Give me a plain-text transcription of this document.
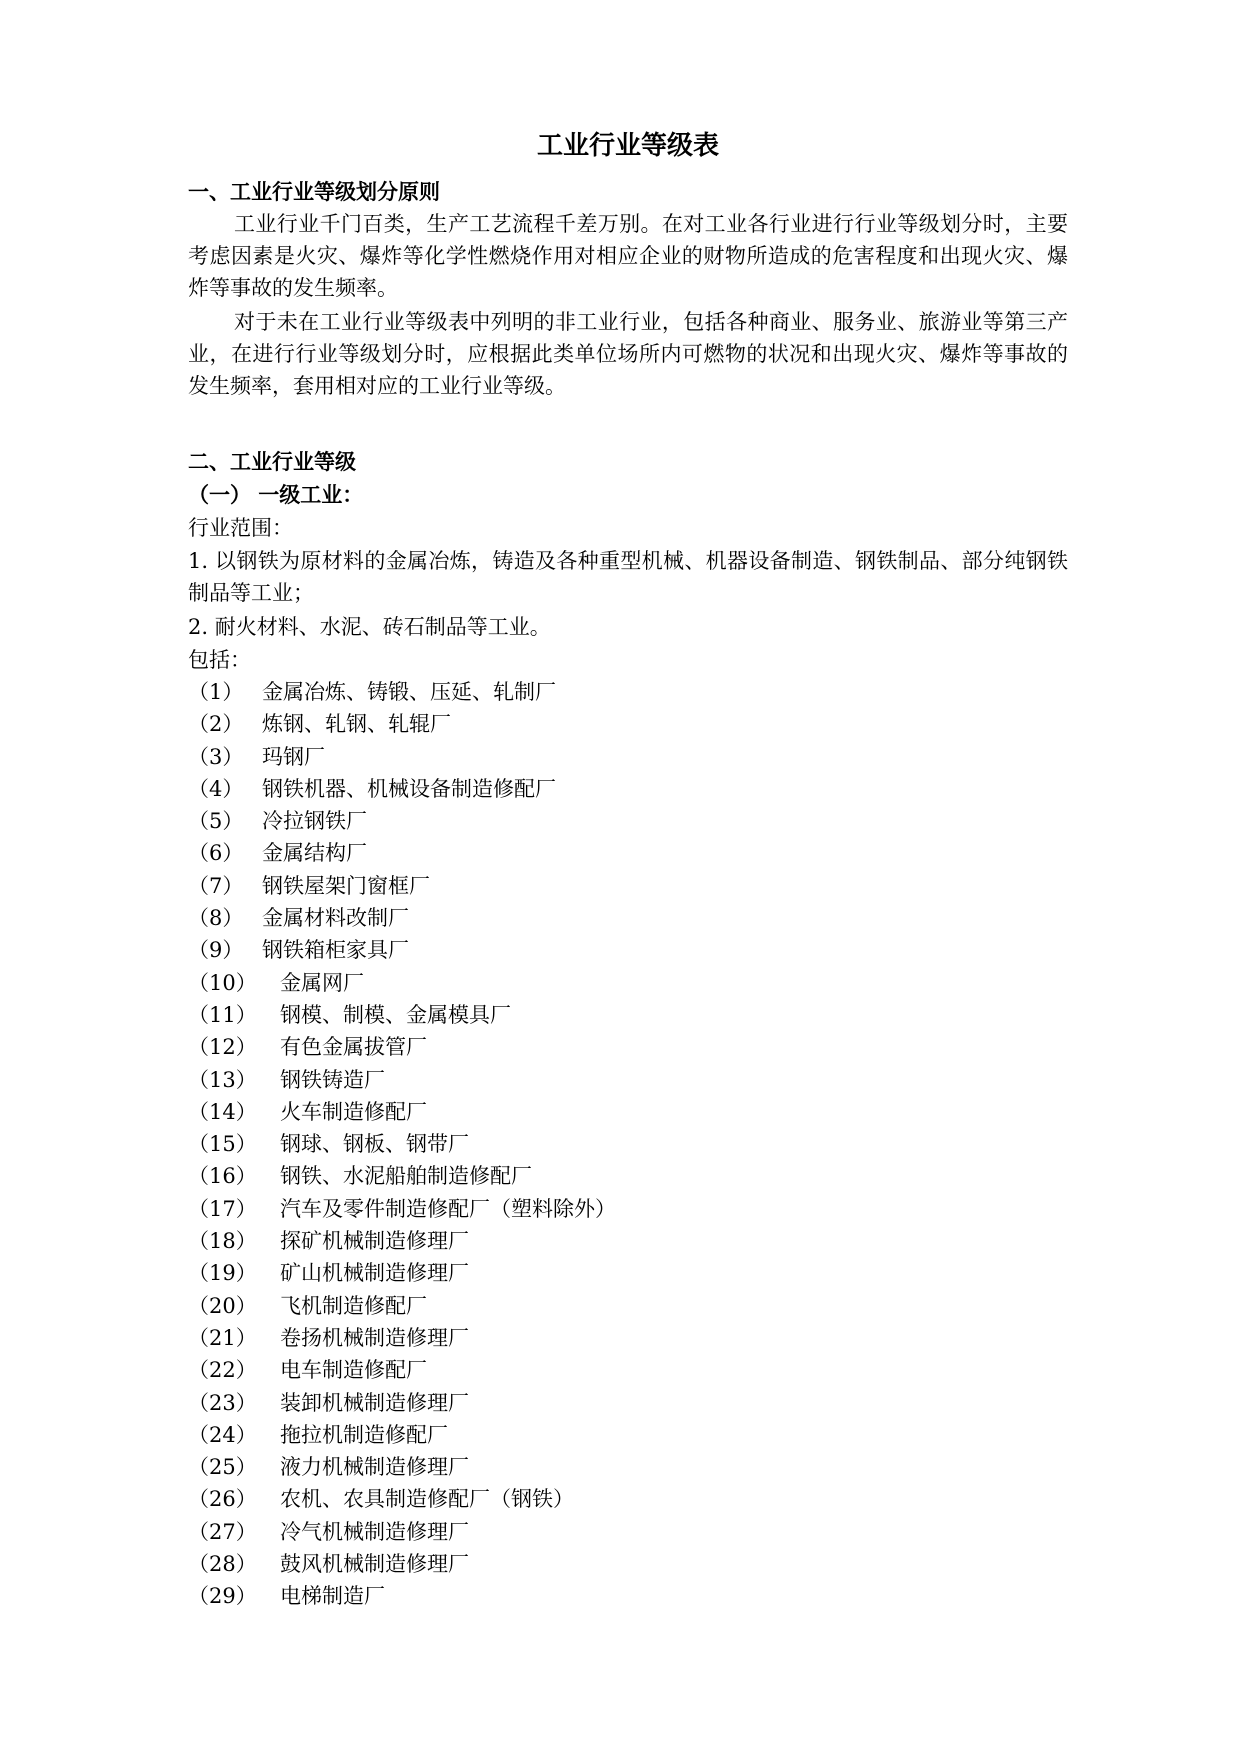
工业行业等级表
一、工业行业等级划分原则
工业行业千门百类，生产工艺流程千差万别。在对工业各行业进行行业等级划分时，主要考虑因素是火灾、爆炸等化学性燃烧作用对相应企业的财物所造成的危害程度和出现火灾、爆炸等事故的发生频率。
对于未在工业行业等级表中列明的非工业行业，包括各种商业、服务业、旅游业等第三产业，在进行行业等级划分时，应根据此类单位场所内可燃物的状况和出现火灾、爆炸等事故的发生频率，套用相对应的工业行业等级。
二、工业行业等级
（一） 一级工业：
行业范围：
1. 以钢铁为原材料的金属冶炼，铸造及各种重型机械、机器设备制造、钢铁制品、部分纯钢铁制品等工业；
2. 耐火材料、水泥、砖石制品等工业。
包括：
（1） 金属冶炼、铸锻、压延、轧制厂
（2） 炼钢、轧钢、轧辊厂
（3） 玛钢厂
（4） 钢铁机器、机械设备制造修配厂
（5） 冷拉钢铁厂
（6） 金属结构厂
（7） 钢铁屋架门窗框厂
（8） 金属材料改制厂
（9） 钢铁箱柜家具厂
（10）	金属网厂
（11）	钢模、制模、金属模具厂
（12）	有色金属拔管厂
（13）	钢铁铸造厂
（14）	火车制造修配厂
（15）	钢球、钢板、钢带厂
（16）	钢铁、水泥船舶制造修配厂
（17）	汽车及零件制造修配厂（塑料除外）
（18）	探矿机械制造修理厂
（19）	矿山机械制造修理厂
（20）	飞机制造修配厂
（21）	卷扬机械制造修理厂
（22）	电车制造修配厂
（23）	装卸机械制造修理厂
（24）	拖拉机制造修配厂
（25）	液力机械制造修理厂
（26）	农机、农具制造修配厂（钢铁）
（27）	冷气机械制造修理厂
（28）	鼓风机械制造修理厂
（29）	电梯制造厂
